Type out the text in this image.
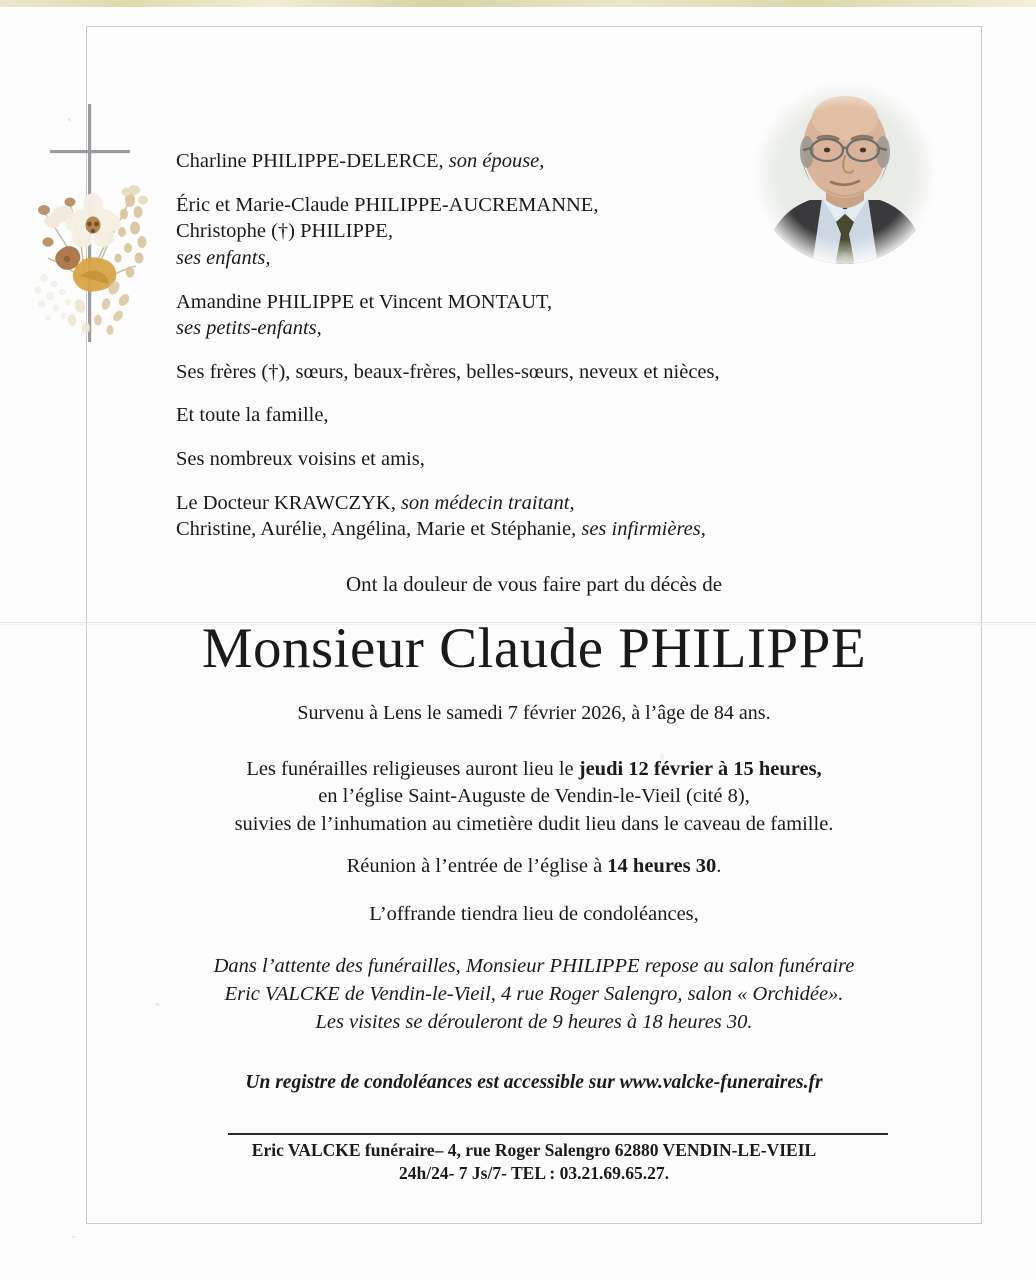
Charline PHILIPPE-DELERCE, son épouse,
Éric et Marie-Claude PHILIPPE-AUCREMANNE,
Christophe (†) PHILIPPE,
ses enfants,
Amandine PHILIPPE et Vincent MONTAUT,
ses petits-enfants,
Ses frères (†), sœurs, beaux-frères, belles-sœurs, neveux et nièces,
Et toute la famille,
Ses nombreux voisins et amis,
Le Docteur KRAWCZYK, son médecin traitant,
Christine, Aurélie, Angélina, Marie et Stéphanie, ses infirmières,
Ont la douleur de vous faire part du décès de
Monsieur Claude PHILIPPE
Survenu à Lens le samedi 7 février 2026, à l’âge de 84 ans.
Les funérailles religieuses auront lieu le jeudi 12 février à 15 heures,
en l’église Saint-Auguste de Vendin-le-Vieil (cité 8),
suivies de l’inhumation au cimetière dudit lieu dans le caveau de famille.
Réunion à l’entrée de l’église à 14 heures 30.
L’offrande tiendra lieu de condoléances,
Dans l’attente des funérailles, Monsieur PHILIPPE repose au salon funéraire
Eric VALCKE de Vendin-le-Vieil, 4 rue Roger Salengro, salon « Orchidée».
Les visites se dérouleront de 9 heures à 18 heures 30.
Un registre de condoléances est accessible sur www.valcke-funeraires.fr
Eric VALCKE funéraire– 4, rue Roger Salengro 62880 VENDIN-LE-VIEIL
24h/24- 7 Js/7- TEL : 03.21.69.65.27.
